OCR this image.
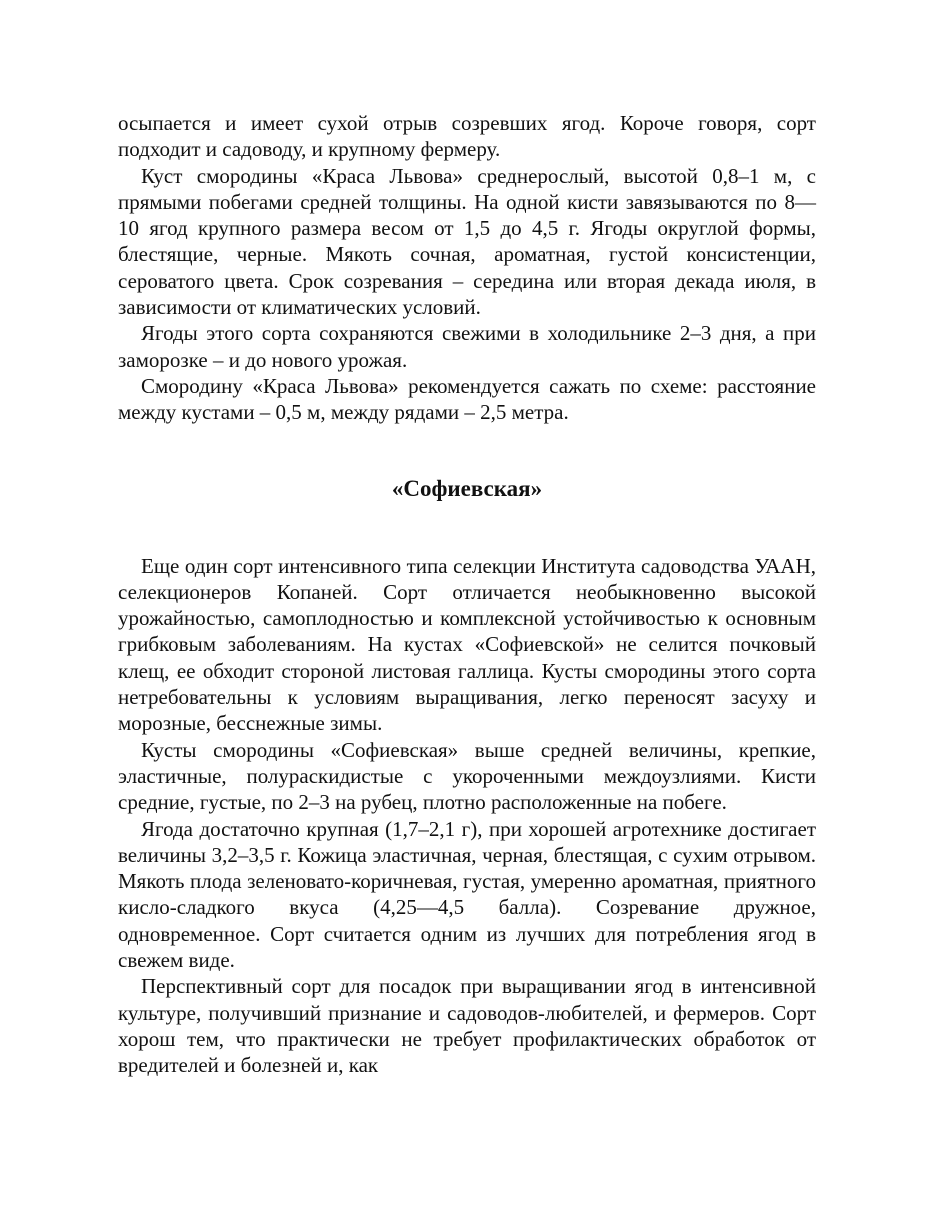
осыпается и имеет сухой отрыв созревших ягод. Короче говоря, сорт подходит и садоводу, и крупному фермеру.

Куст смородины «Краса Львова» среднерослый, высотой 0,8–1 м, с прямыми побегами средней толщины. На одной кисти завязываются по 8—10 ягод крупного размера весом от 1,5 до 4,5 г. Ягоды округлой формы, блестящие, черные. Мякоть сочная, ароматная, густой консистенции, сероватого цвета. Срок созревания – середина или вторая декада июля, в зависимости от климатических условий.

Ягоды этого сорта сохраняются свежими в холодильнике 2–3 дня, а при заморозке – и до нового урожая.

Смородину «Краса Львова» рекомендуется сажать по схеме: расстояние между кустами – 0,5 м, между рядами – 2,5 метра.

«Софиевская»

Еще один сорт интенсивного типа селекции Института садоводства УААН, селекционеров Копаней. Сорт отличается необыкновенно высокой урожайностью, самоплодностью и комплексной устойчивостью к основным грибковым заболеваниям. На кустах «Софиевской» не селится почковый клещ, ее обходит стороной листовая галлица. Кусты смородины этого сорта нетребовательны к условиям выращивания, легко переносят засуху и морозные, бесснежные зимы.

Кусты смородины «Софиевская» выше средней величины, крепкие, эластичные, полураскидистые с укороченными междоузлиями. Кисти средние, густые, по 2–3 на рубец, плотно расположенные на побеге.

Ягода достаточно крупная (1,7–2,1 г), при хорошей агротехнике достигает величины 3,2–3,5 г. Кожица эластичная, черная, блестящая, с сухим отрывом. Мякоть плода зеленовато-коричневая, густая, умеренно ароматная, приятного кисло-сладкого вкуса (4,25—4,5 балла). Созревание дружное, одновременное. Сорт считается одним из лучших для потребления ягод в свежем виде.

Перспективный сорт для посадок при выращивании ягод в интенсивной культуре, получивший признание и садоводов-любителей, и фермеров. Сорт хорош тем, что практически не требует профилактических обработок от вредителей и болезней и, как
